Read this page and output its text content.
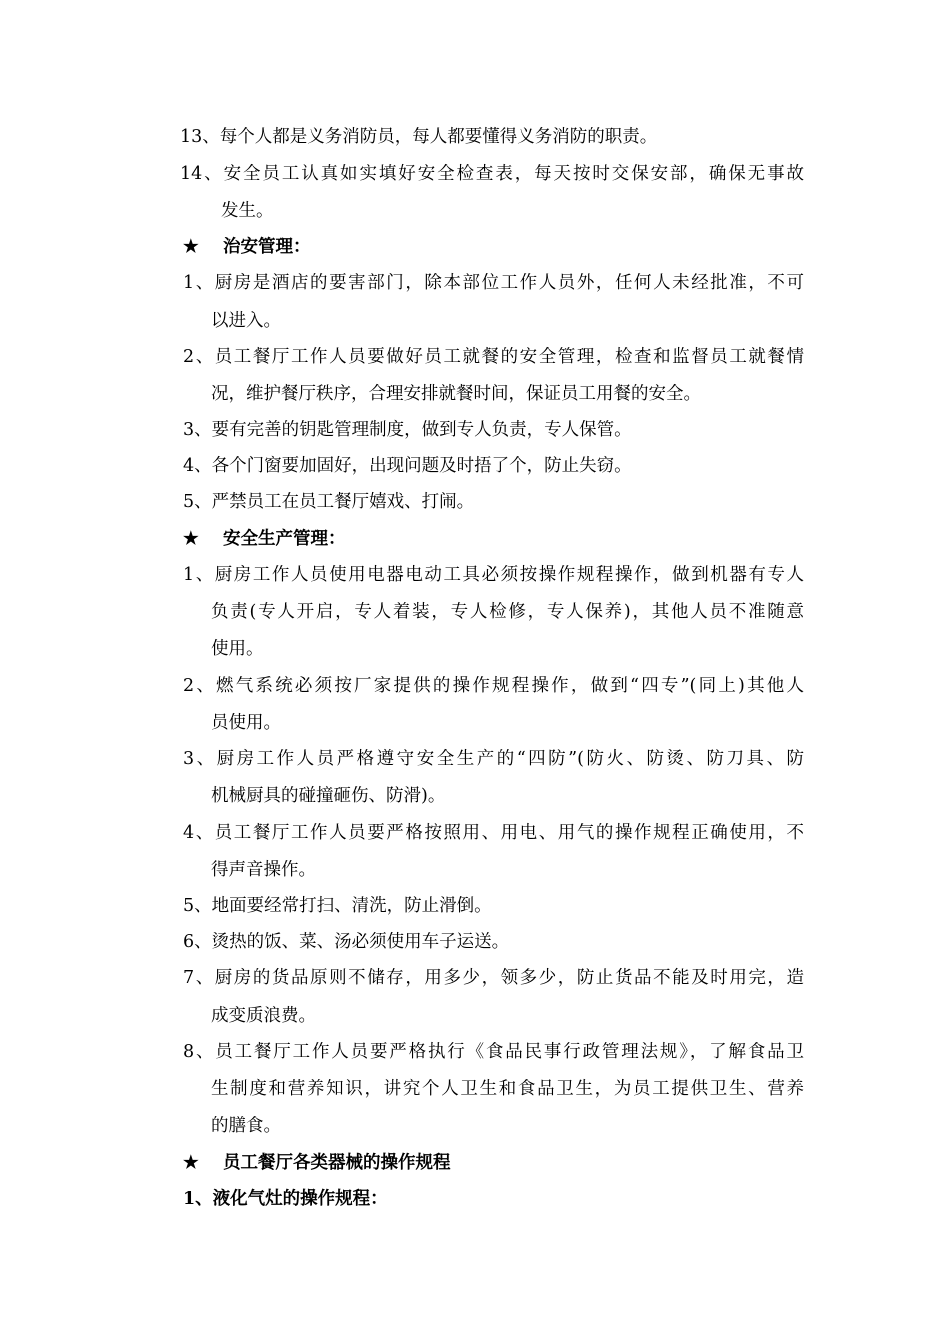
13、每个人都是义务消防员，每人都要懂得义务消防的职责。
14、安全员工认真如实填好安全检查表，每天按时交保安部，确保无事故
发生。
★ 治安管理：
1、厨房是酒店的要害部门，除本部位工作人员外，任何人未经批准，不可
以进入。
2、员工餐厅工作人员要做好员工就餐的安全管理，检查和监督员工就餐情
况，维护餐厅秩序，合理安排就餐时间，保证员工用餐的安全。
3、要有完善的钥匙管理制度，做到专人负责，专人保管。
4、各个门窗要加固好，出现问题及时捂了个，防止失窃。
5、严禁员工在员工餐厅嬉戏、打闹。
★ 安全生产管理：
1、厨房工作人员使用电器电动工具必须按操作规程操作，做到机器有专人
负责(专人开启，专人着装，专人检修，专人保养)，其他人员不准随意
使用。
2、燃气系统必须按厂家提供的操作规程操作，做到“四专”(同上)其他人
员使用。
3、厨房工作人员严格遵守安全生产的“四防”(防火、防烫、防刀具、防
机械厨具的碰撞砸伤、防滑)。
4、员工餐厅工作人员要严格按照用、用电、用气的操作规程正确使用，不
得声音操作。
5、地面要经常打扫、清洗，防止滑倒。
6、烫热的饭、菜、汤必须使用车子运送。
7、厨房的货品原则不储存，用多少，领多少，防止货品不能及时用完，造
成变质浪费。
8、员工餐厅工作人员要严格执行《食品民事行政管理法规》，了解食品卫
生制度和营养知识，讲究个人卫生和食品卫生，为员工提供卫生、营养
的膳食。
★ 员工餐厅各类器械的操作规程
1、液化气灶的操作规程：
